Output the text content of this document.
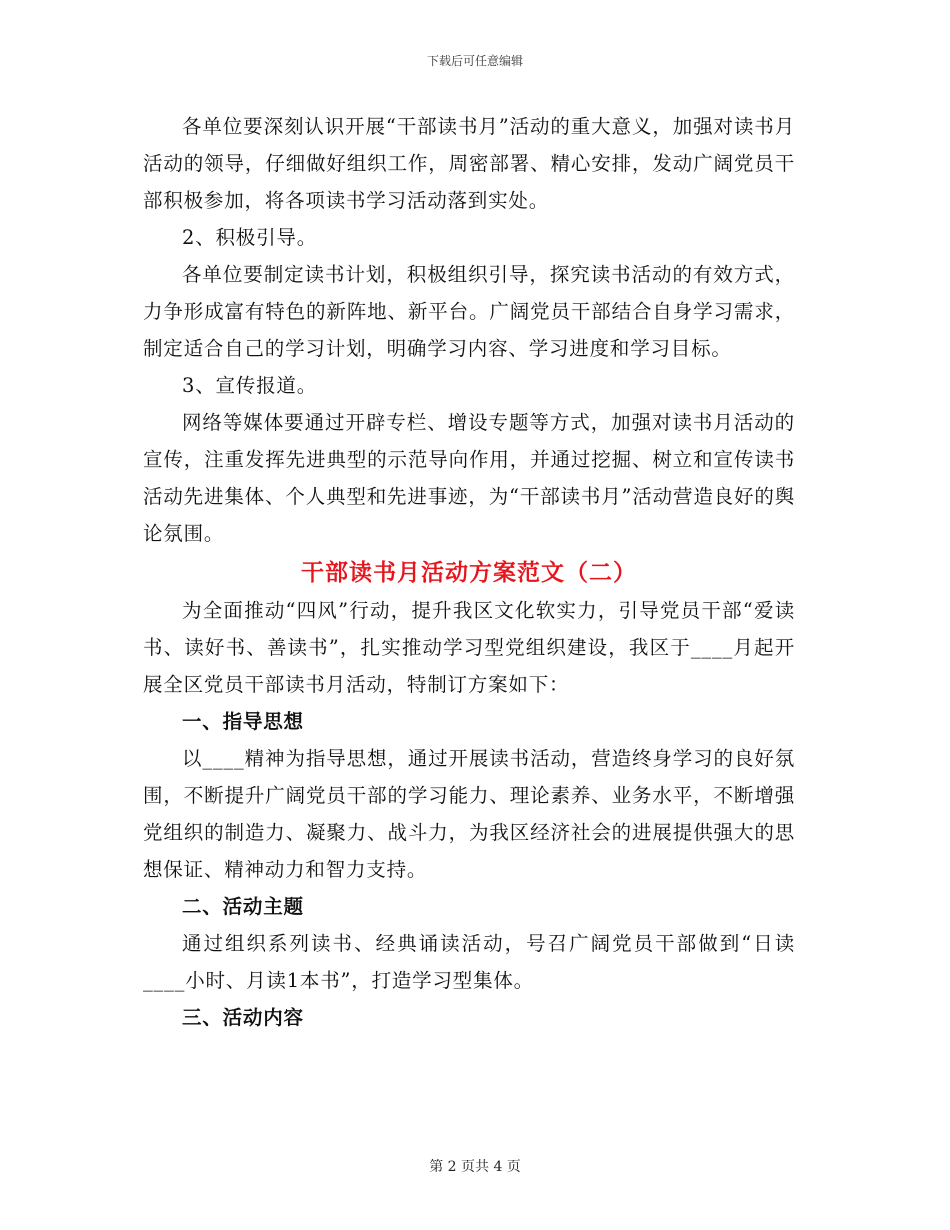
下载后可任意编辑

各单位要深刻认识开展“干部读书月”活动的重大意义，加强对读书月活动的领导，仔细做好组织工作，周密部署、精心安排，发动广阔党员干部积极参加，将各项读书学习活动落到实处。

2、积极引导。

各单位要制定读书计划，积极组织引导，探究读书活动的有效方式，力争形成富有特色的新阵地、新平台。广阔党员干部结合自身学习需求，制定适合自己的学习计划，明确学习内容、学习进度和学习目标。

3、宣传报道。

网络等媒体要通过开辟专栏、增设专题等方式，加强对读书月活动的宣传，注重发挥先进典型的示范导向作用，并通过挖掘、树立和宣传读书活动先进集体、个人典型和先进事迹，为“干部读书月”活动营造良好的舆论氛围。

干部读书月活动方案范文（二）

为全面推动“四风”行动，提升我区文化软实力，引导党员干部“爱读书、读好书、善读书”，扎实推动学习型党组织建设，我区于____月起开展全区党员干部读书月活动，特制订方案如下：

一、指导思想

以____精神为指导思想，通过开展读书活动，营造终身学习的良好氛围，不断提升广阔党员干部的学习能力、理论素养、业务水平，不断增强党组织的制造力、凝聚力、战斗力，为我区经济社会的进展提供强大的思想保证、精神动力和智力支持。

二、活动主题

通过组织系列读书、经典诵读活动，号召广阔党员干部做到“日读____小时、月读1本书”，打造学习型集体。

三、活动内容

第 2 页共 4 页
